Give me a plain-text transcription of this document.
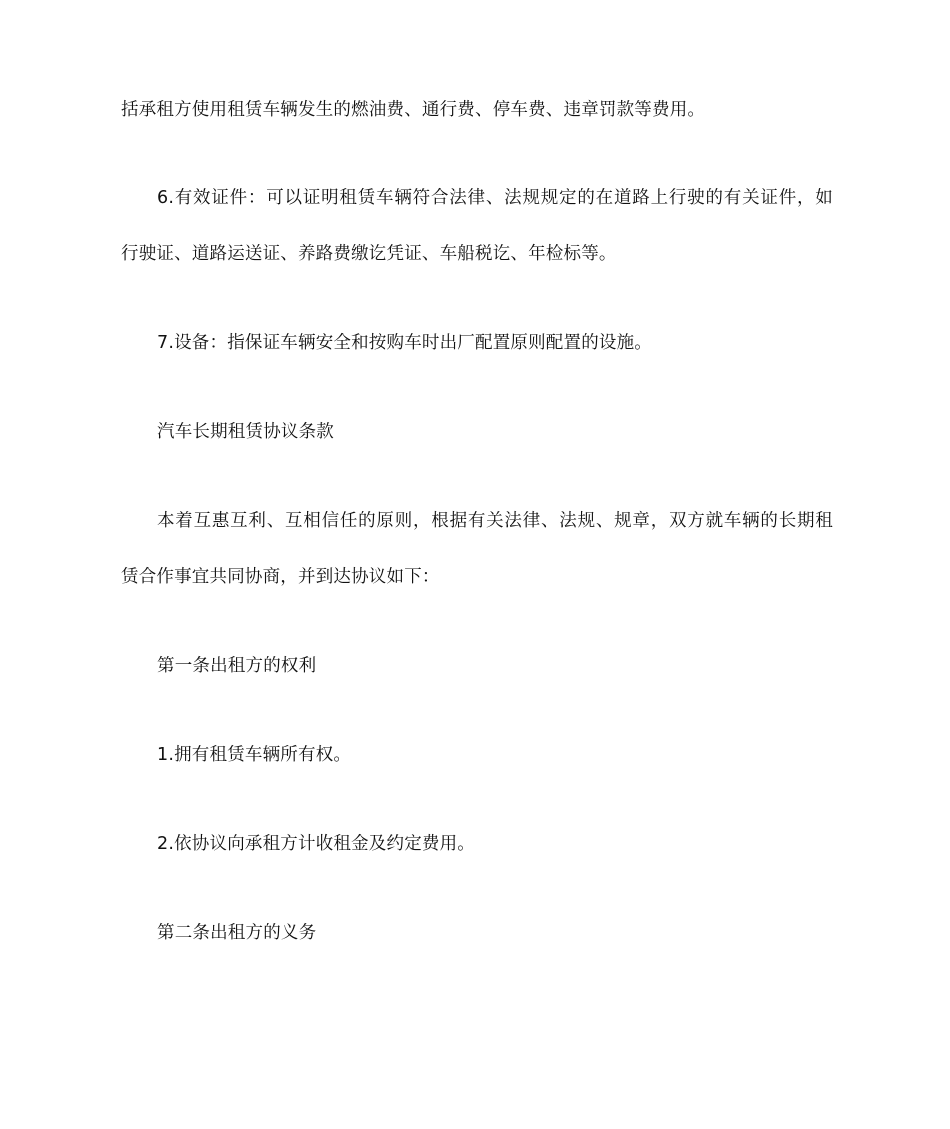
括承租方使用租赁车辆发生的燃油费、通行费、停车费、违章罚款等费用。
6.有效证件：可以证明租赁车辆符合法律、法规规定的在道路上行驶的有关证件，如
行驶证、道路运送证、养路费缴讫凭证、车船税讫、年检标等。
7.设备：指保证车辆安全和按购车时出厂配置原则配置的设施。
汽车长期租赁协议条款
本着互惠互利、互相信任的原则，根据有关法律、法规、规章，双方就车辆的长期租
赁合作事宜共同协商，并到达协议如下：
第一条出租方的权利
1.拥有租赁车辆所有权。
2.依协议向承租方计收租金及约定费用。
第二条出租方的义务
